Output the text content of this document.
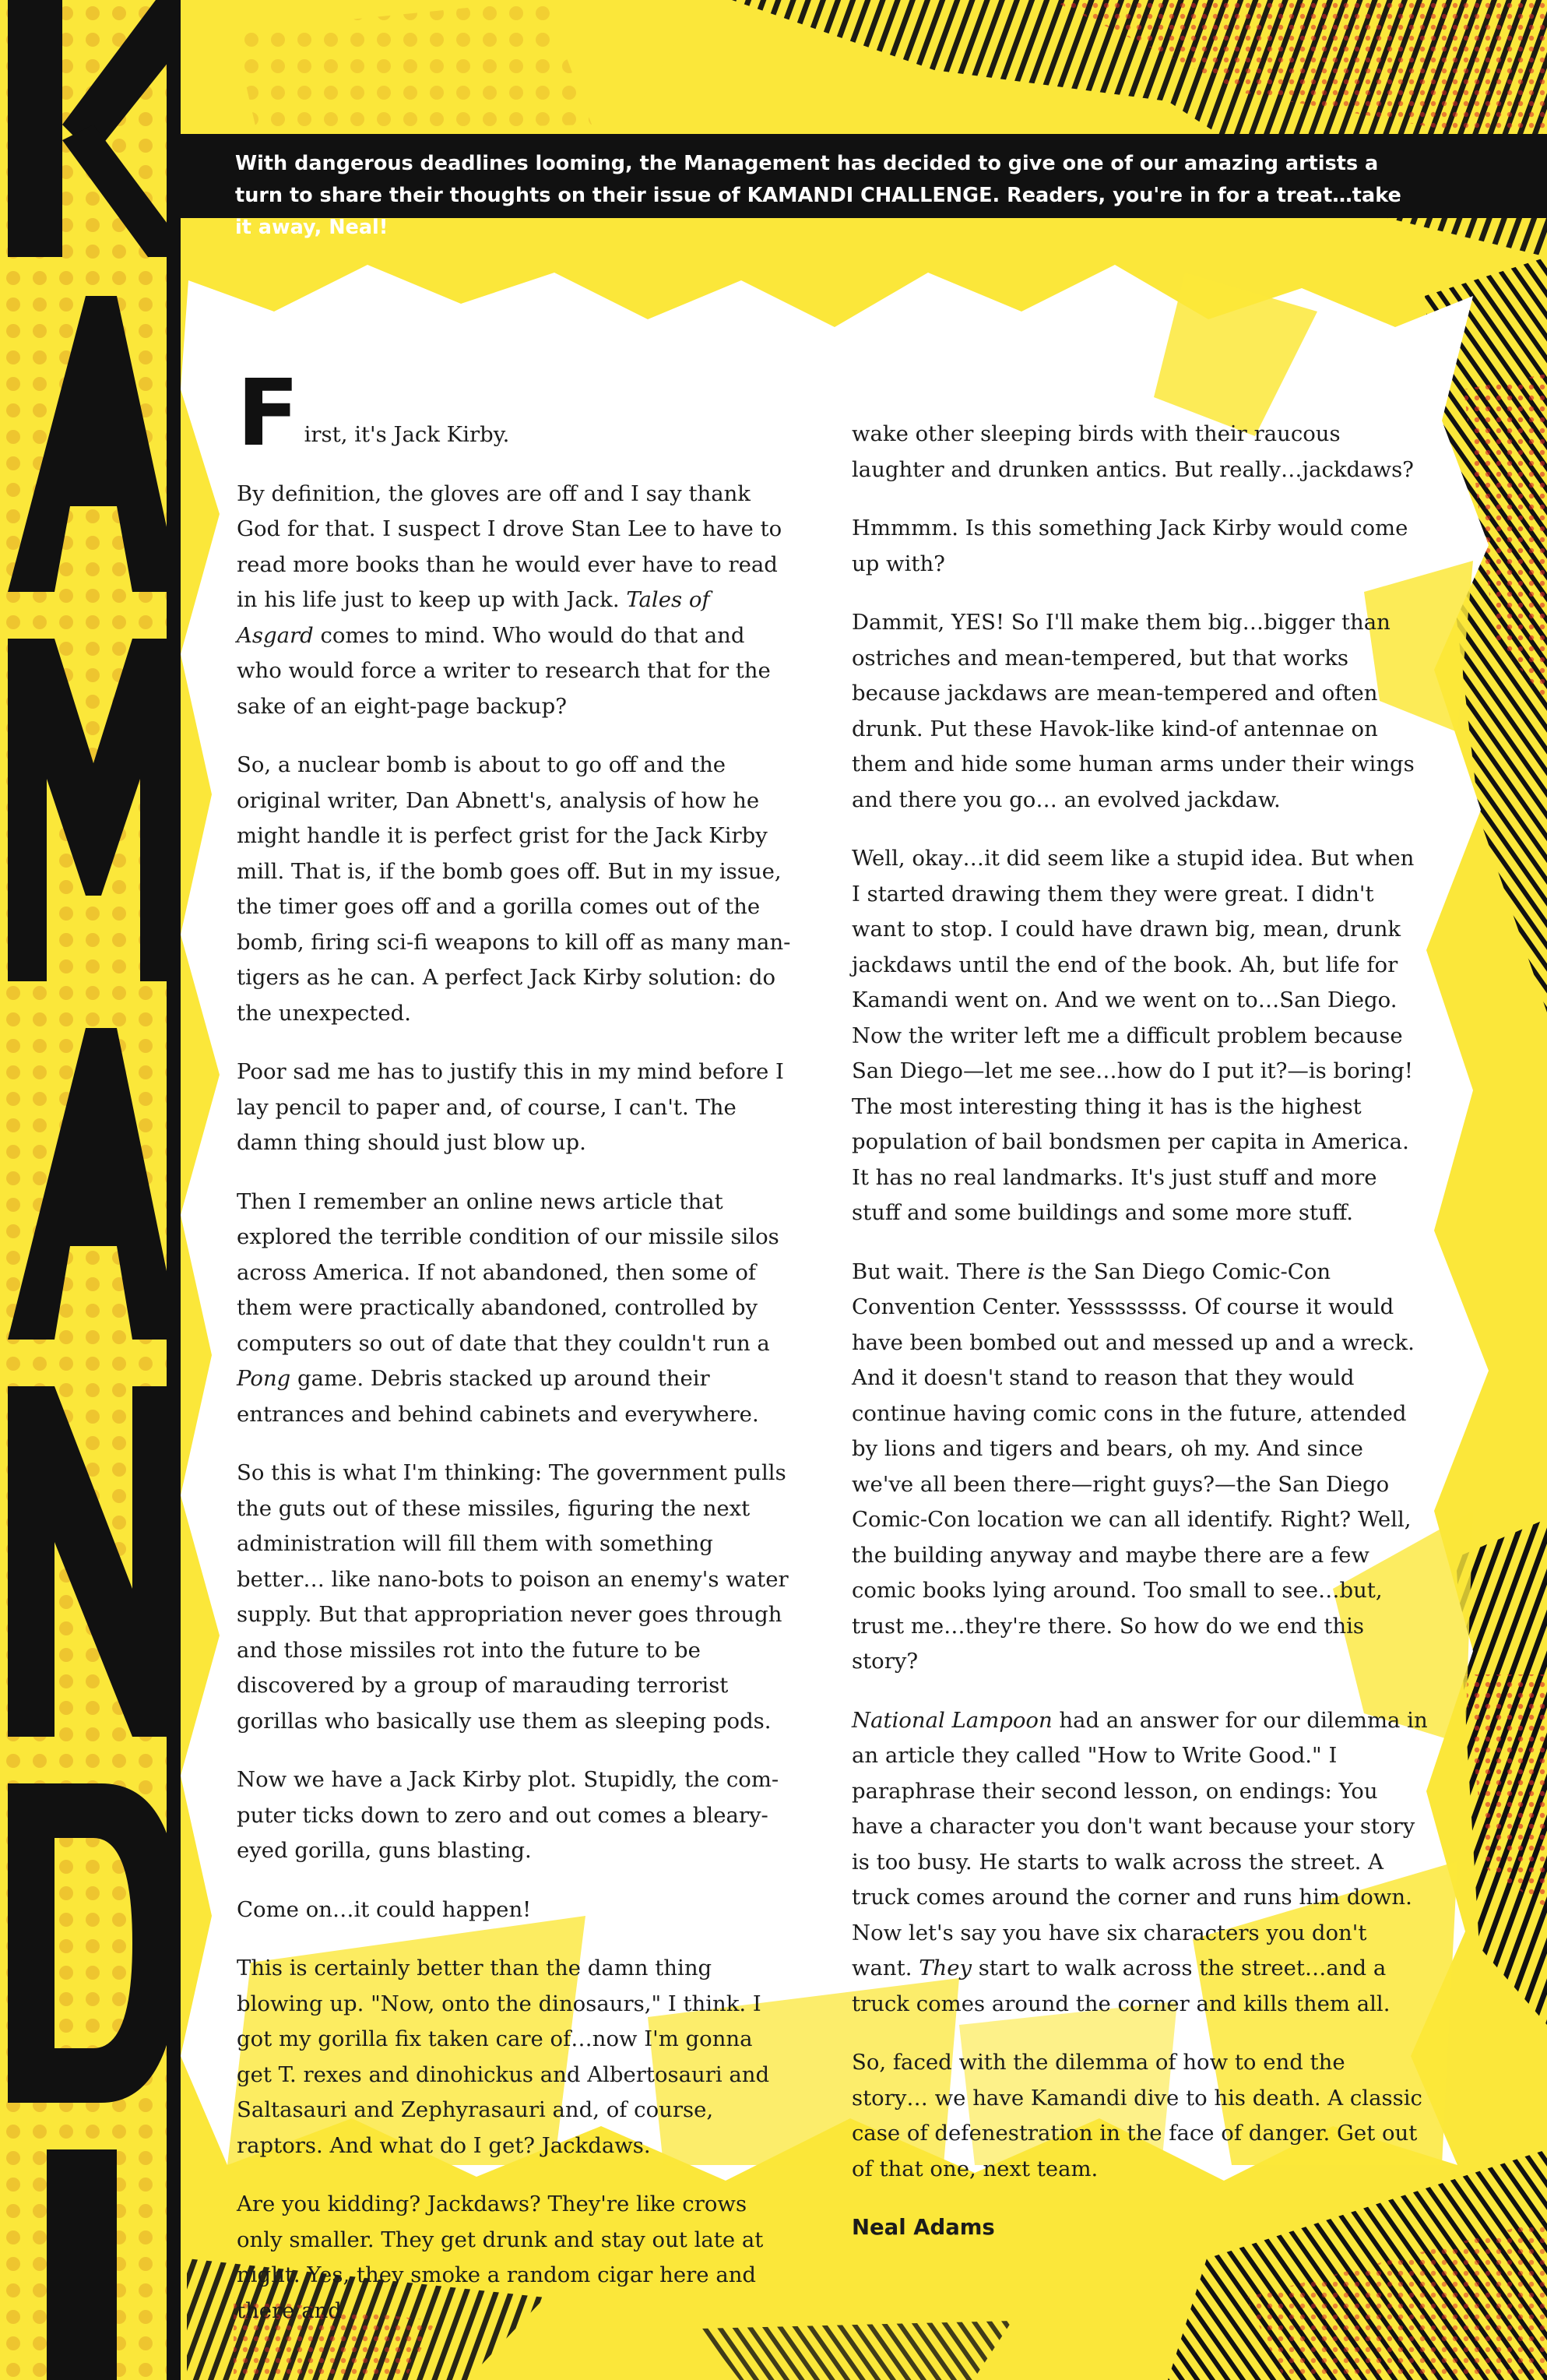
With dangerous deadlines looming, the Management has decided to give one of our amazing artists a turn to share their thoughts on their issue of KAMANDI CHALLENGE. Readers, you're in for a treat…take it away, Neal!

F irst, it's Jack Kirby.

By definition, the gloves are off and I say thank God for that. I suspect I drove Stan Lee to have to read more books than he would ever have to read in his life just to keep up with Jack. Tales of Asgard comes to mind. Who would do that and who would force a writer to research that for the sake of an eight-page backup?

So, a nuclear bomb is about to go off and the original writer, Dan Abnett's, analysis of how he might handle it is perfect grist for the Jack Kirby mill. That is, if the bomb goes off. But in my issue, the timer goes off and a gorilla comes out of the bomb, firing sci-fi weapons to kill off as many man-tigers as he can. A perfect Jack Kirby solution: do the unexpected.

Poor sad me has to justify this in my mind before I lay pencil to paper and, of course, I can't. The damn thing should just blow up.

Then I remember an online news article that explored the terrible condition of our missile silos across America. If not abandoned, then some of them were practically abandoned, controlled by computers so out of date that they couldn't run a Pong game. Debris stacked up around their entrances and behind cabinets and everywhere.

So this is what I'm thinking: The government pulls the guts out of these missiles, figuring the next administration will fill them with something better… like nano-bots to poison an enemy's water supply. But that appropriation never goes through and those missiles rot into the future to be discovered by a group of marauding terrorist gorillas who basically use them as sleeping pods.

Now we have a Jack Kirby plot. Stupidly, the computer ticks down to zero and out comes a bleary-eyed gorilla, guns blasting.

Come on…it could happen!

This is certainly better than the damn thing blowing up. "Now, onto the dinosaurs," I think. I got my gorilla fix taken care of…now I'm gonna get T. rexes and dinohickus and Albertosauri and Saltasauri and Zephyrasauri and, of course, raptors. And what do I get? Jackdaws.

Are you kidding? Jackdaws? They're like crows only smaller. They get drunk and stay out late at night. Yes, they smoke a random cigar here and there and

wake other sleeping birds with their raucous laughter and drunken antics. But really…jackdaws?

Hmmmm. Is this something Jack Kirby would come up with?

Dammit, YES! So I'll make them big…bigger than ostriches and mean-tempered, but that works because jackdaws are mean-tempered and often drunk. Put these Havok-like kind-of antennae on them and hide some human arms under their wings and there you go… an evolved jackdaw.

Well, okay…it did seem like a stupid idea. But when I started drawing them they were great. I didn't want to stop. I could have drawn big, mean, drunk jackdaws until the end of the book. Ah, but life for Kamandi went on. And we went on to…San Diego. Now the writer left me a difficult problem because San Diego—let me see…how do I put it?—is boring! The most interesting thing it has is the highest population of bail bondsmen per capita in America. It has no real landmarks. It's just stuff and more stuff and some buildings and some more stuff.

But wait. There is the San Diego Comic-Con Convention Center. Yessssssss. Of course it would have been bombed out and messed up and a wreck. And it doesn't stand to reason that they would continue having comic cons in the future, attended by lions and tigers and bears, oh my. And since we've all been there—right guys?—the San Diego Comic-Con location we can all identify. Right? Well, the building anyway and maybe there are a few comic books lying around. Too small to see…but, trust me…they're there. So how do we end this story?

National Lampoon had an answer for our dilemma in an article they called "How to Write Good." I paraphrase their second lesson, on endings: You have a character you don't want because your story is too busy. He starts to walk across the street. A truck comes around the corner and runs him down. Now let's say you have six characters you don't want. They start to walk across the street…and a truck comes around the corner and kills them all.

So, faced with the dilemma of how to end the story… we have Kamandi dive to his death. A classic case of defenestration in the face of danger. Get out of that one, next team.

Neal Adams
